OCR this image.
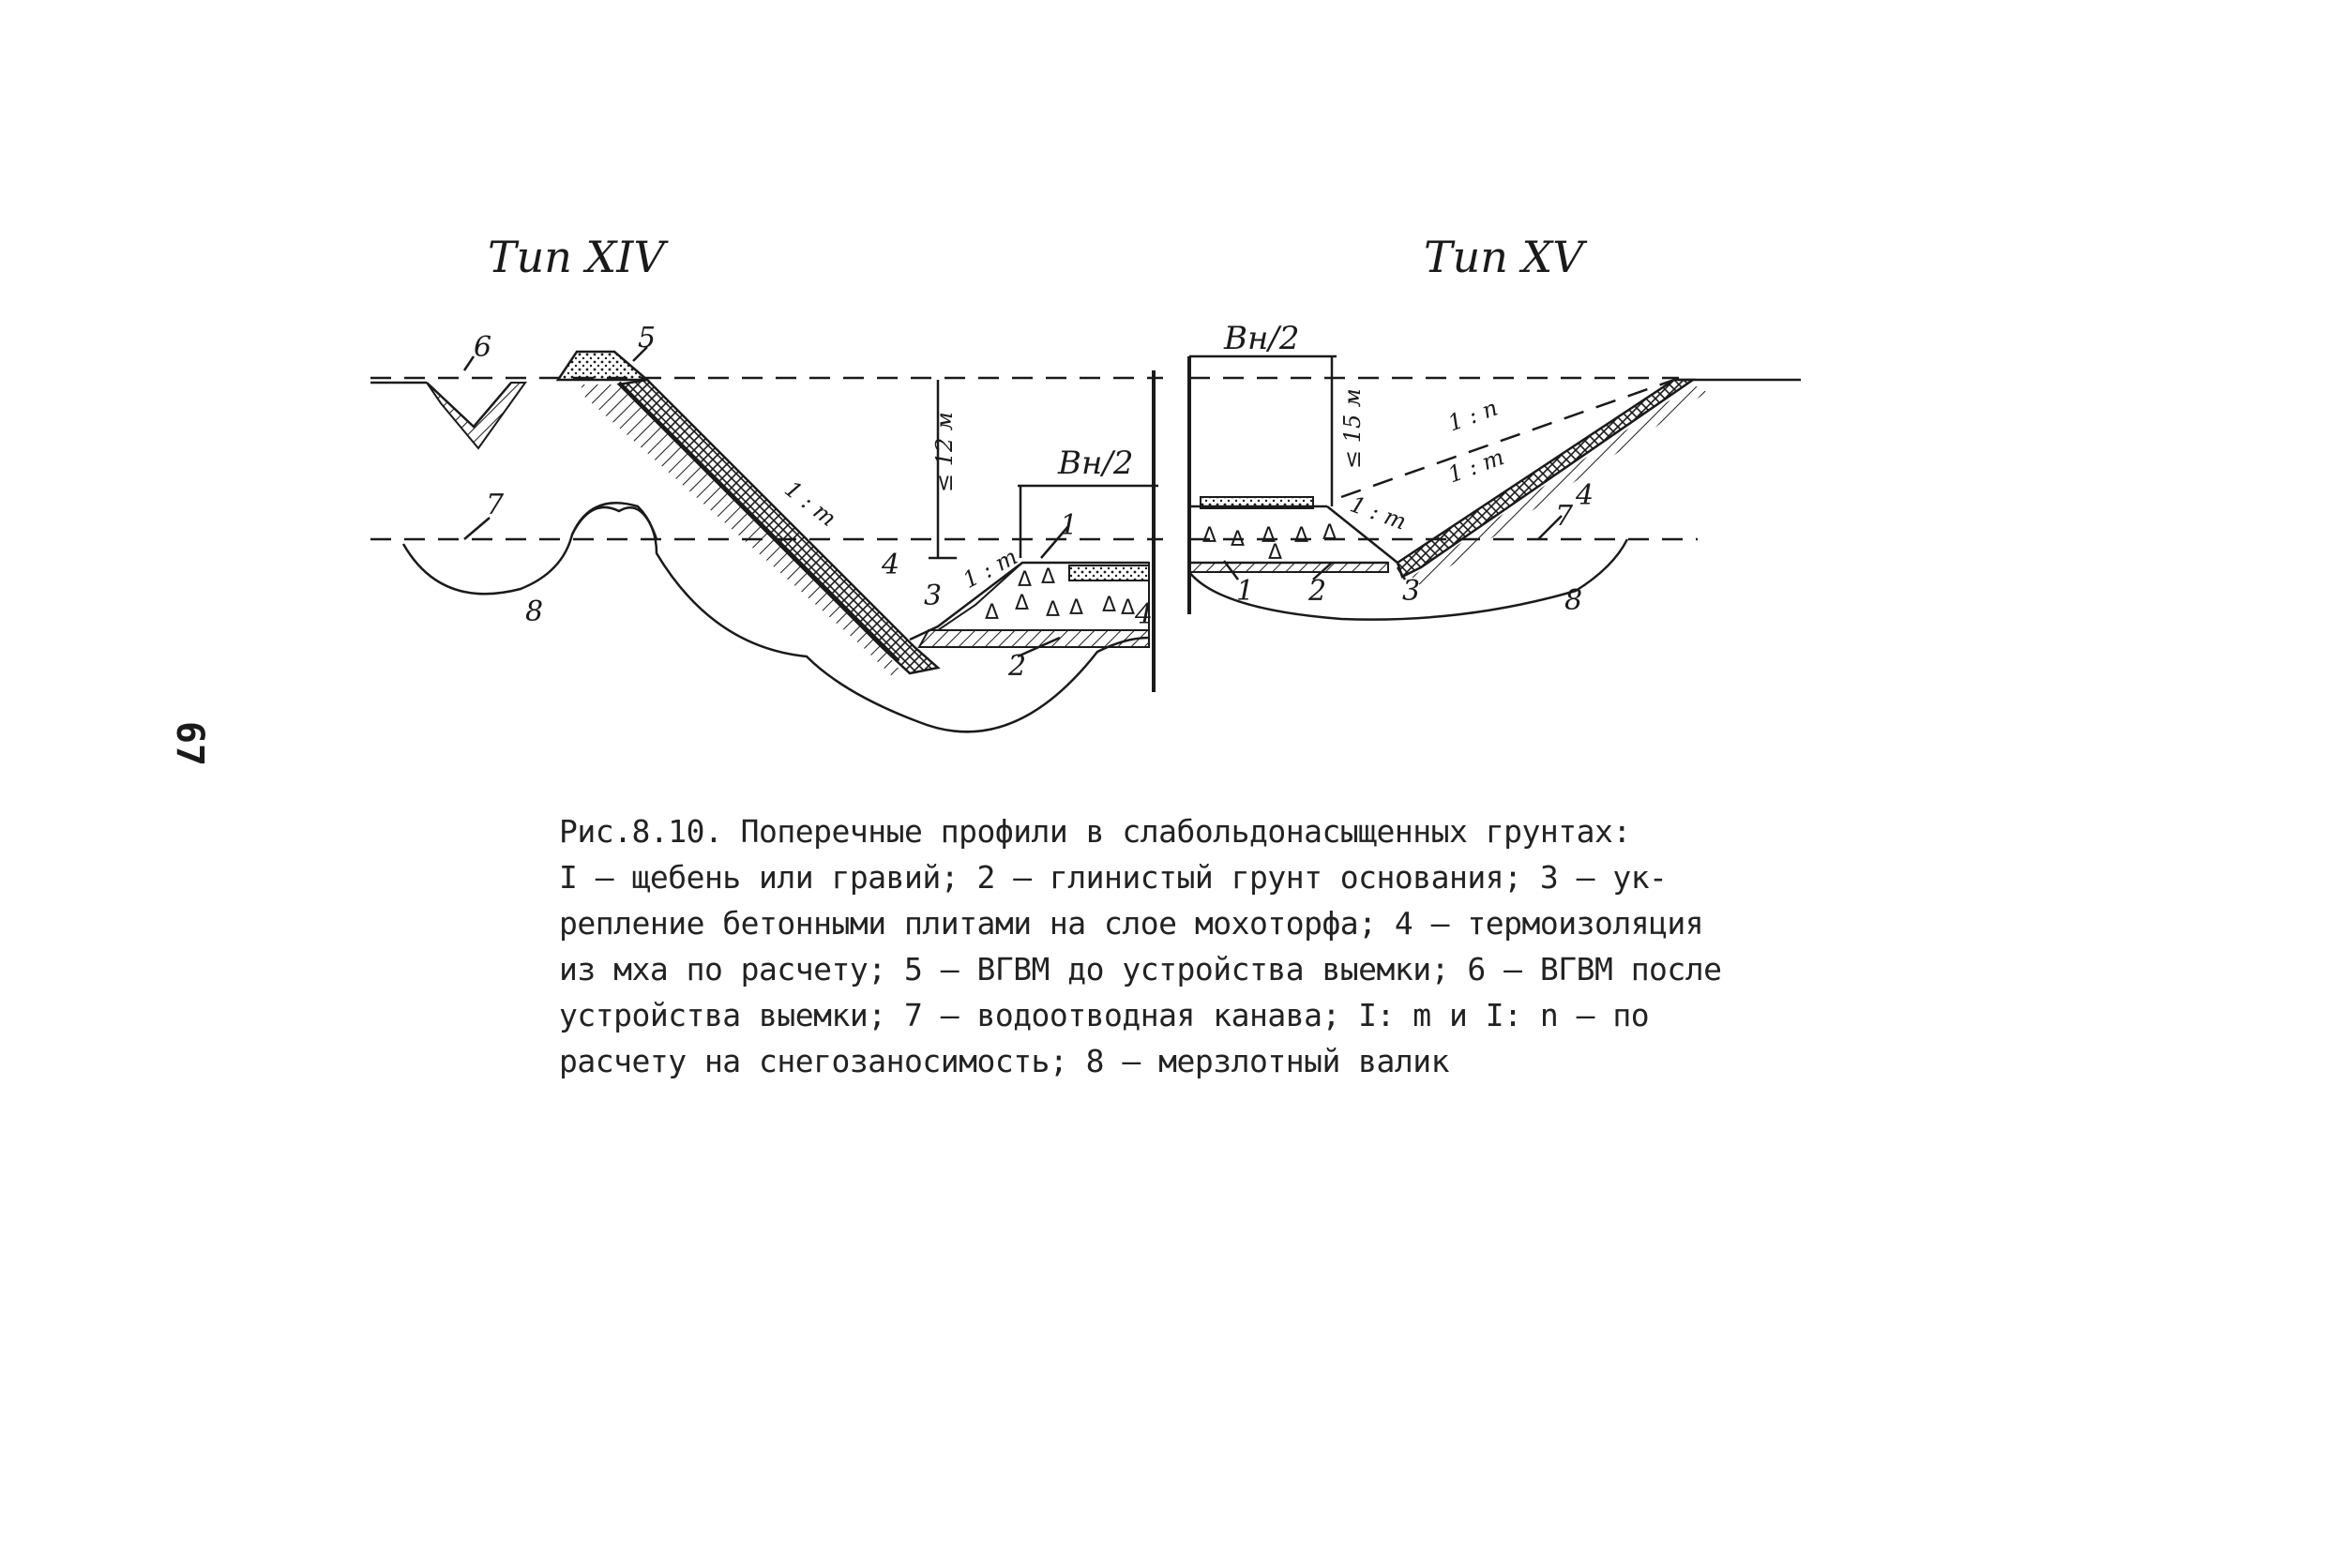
Тип XIV
Δ Δ
Δ Δ Δ Δ Δ Δ
≤ 12 м	Bн/2
1 : m
1 : m
6	5
1
2
3
4
4
7
8
Тип XV
Δ Δ Δ Δ Δ
Δ
Bн/2
≤ 15 м	1 : n
1 : m
1 : m
1 2	3
4
7
8
67
Рис.8.10. Поперечные профили в слабольдонасыщенных грунтах:
I – щебень или гравий; 2 – глинистый грунт основания; 3 – ук-
репление бетонными плитами на слое мохоторфа; 4 – термоизоляция
из мха по расчету; 5 – ВГВМ до устройства выемки; 6 – ВГВМ после
устройства выемки; 7 – водоотводная канава; I: m и I: n – по
расчету на снегозаносимость; 8 – мерзлотный валик
